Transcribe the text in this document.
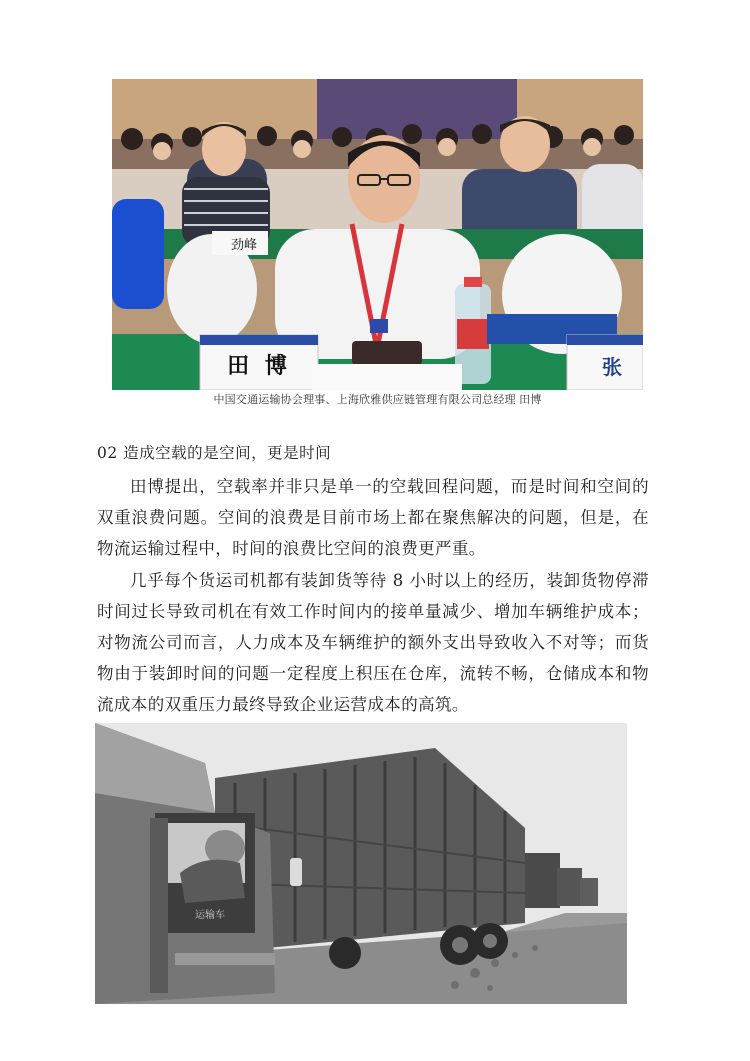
劲峰
田 博	张
中国交通运输协会理事、上海欣雅供应链管理有限公司总经理 田博
02 造成空载的是空间，更是时间

田博提出，空载率并非只是单一的空载回程问题，而是时间和空间的双重浪费问题。空间的浪费是目前市场上都在聚焦解决的问题，但是，在物流运输过程中，时间的浪费比空间的浪费更严重。

几乎每个货运司机都有装卸货等待 8 小时以上的经历，装卸货物停滞时间过长导致司机在有效工作时间内的接单量减少、增加车辆维护成本；对物流公司而言，人力成本及车辆维护的额外支出导致收入不对等；而货物由于装卸时间的问题一定程度上积压在仓库，流转不畅，仓储成本和物流成本的双重压力最终导致企业运营成本的高筑。

运输车
